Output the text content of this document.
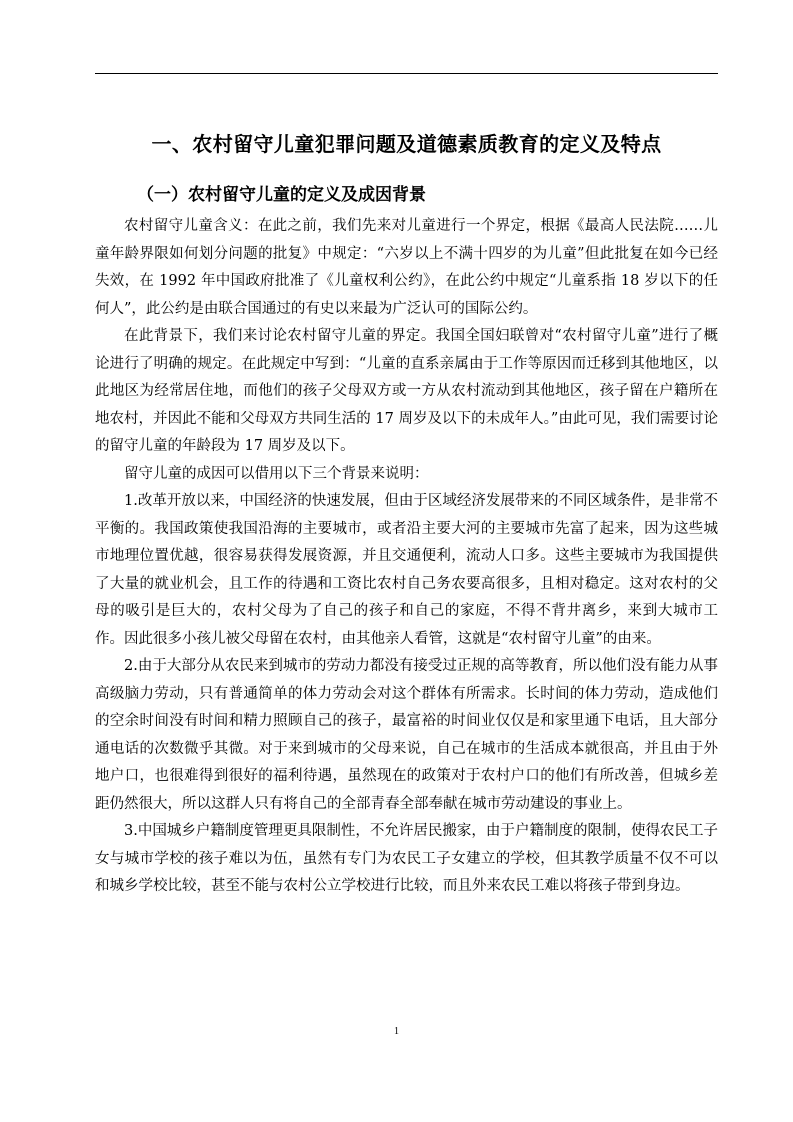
一、农村留守儿童犯罪问题及道德素质教育的定义及特点
（一）农村留守儿童的定义及成因背景

农村留守儿童含义：在此之前，我们先来对儿童进行一个界定，根据《最高人民法院……儿童年龄界限如何划分问题的批复》中规定：“六岁以上不满十四岁的为儿童”但此批复在如今已经失效，在 1992 年中国政府批准了《儿童权利公约》，在此公约中规定“儿童系指 18 岁以下的任何人”，此公约是由联合国通过的有史以来最为广泛认可的国际公约。

在此背景下，我们来讨论农村留守儿童的界定。我国全国妇联曾对“农村留守儿童”进行了概论进行了明确的规定。在此规定中写到：“儿童的直系亲属由于工作等原因而迁移到其他地区，以此地区为经常居住地，而他们的孩子父母双方或一方从农村流动到其他地区，孩子留在户籍所在地农村，并因此不能和父母双方共同生活的 17 周岁及以下的未成年人。”由此可见，我们需要讨论的留守儿童的年龄段为 17 周岁及以下。

留守儿童的成因可以借用以下三个背景来说明：

1.改革开放以来，中国经济的快速发展，但由于区域经济发展带来的不同区域条件，是非常不平衡的。我国政策使我国沿海的主要城市，或者沿主要大河的主要城市先富了起来，因为这些城市地理位置优越，很容易获得发展资源，并且交通便利，流动人口多。这些主要城市为我国提供了大量的就业机会，且工作的待遇和工资比农村自己务农要高很多，且相对稳定。这对农村的父母的吸引是巨大的，农村父母为了自己的孩子和自己的家庭，不得不背井离乡，来到大城市工作。因此很多小孩儿被父母留在农村，由其他亲人看管，这就是“农村留守儿童”的由来。

2.由于大部分从农民来到城市的劳动力都没有接受过正规的高等教育，所以他们没有能力从事高级脑力劳动，只有普通简单的体力劳动会对这个群体有所需求。长时间的体力劳动，造成他们的空余时间没有时间和精力照顾自己的孩子，最富裕的时间业仅仅是和家里通下电话，且大部分通电话的次数微乎其微。对于来到城市的父母来说，自己在城市的生活成本就很高，并且由于外地户口，也很难得到很好的福利待遇，虽然现在的政策对于农村户口的他们有所改善，但城乡差距仍然很大，所以这群人只有将自己的全部青春全部奉献在城市劳动建设的事业上。

3.中国城乡户籍制度管理更具限制性，不允许居民搬家，由于户籍制度的限制，使得农民工子女与城市学校的孩子难以为伍，虽然有专门为农民工子女建立的学校，但其教学质量不仅不可以和城乡学校比较，甚至不能与农村公立学校进行比较，而且外来农民工难以将孩子带到身边。

1
